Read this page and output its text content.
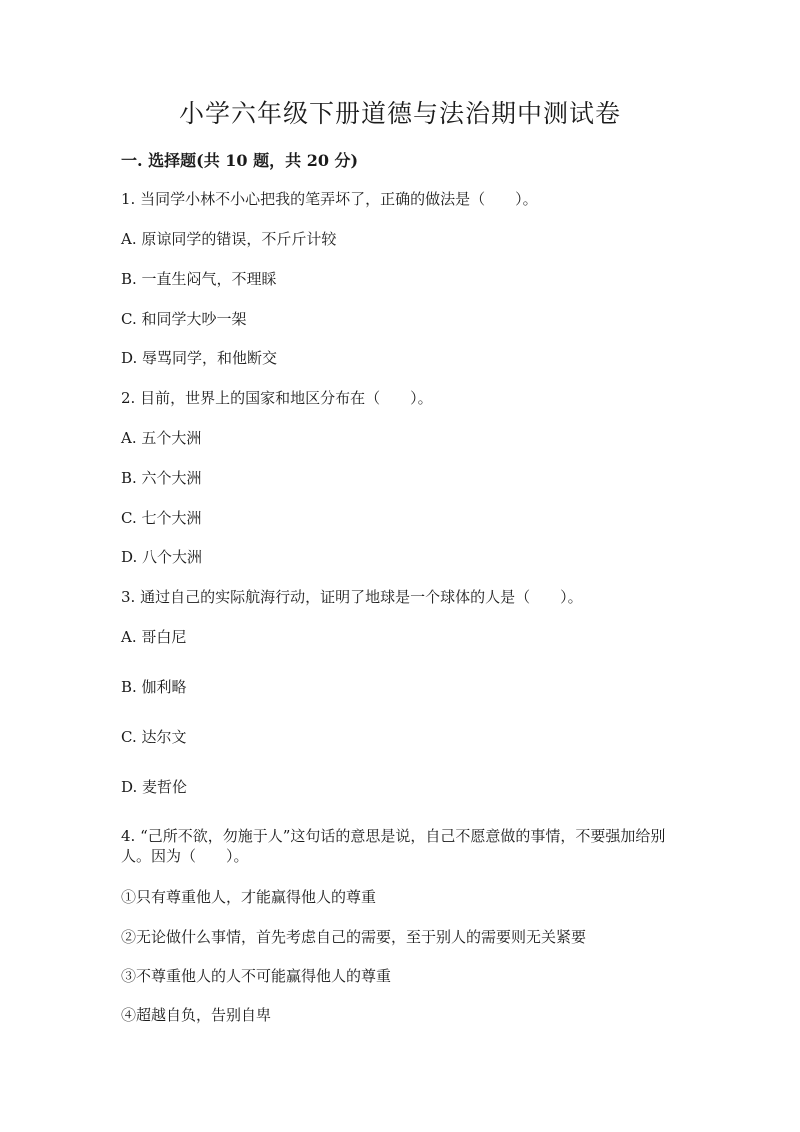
小学六年级下册道德与法治期中测试卷
一. 选择题(共 10 题，共 20 分)
1. 当同学小林不小心把我的笔弄坏了，正确的做法是（　　）。
A. 原谅同学的错误，不斤斤计较
B. 一直生闷气，不理睬
C. 和同学大吵一架
D. 辱骂同学，和他断交
2. 目前，世界上的国家和地区分布在（　　）。
A. 五个大洲
B. 六个大洲
C. 七个大洲
D. 八个大洲
3. 通过自己的实际航海行动，证明了地球是一个球体的人是（　　）。
A. 哥白尼
B. 伽利略
C. 达尔文
D. 麦哲伦
4. “己所不欲，勿施于人”这句话的意思是说，自己不愿意做的事情，不要强加给别人。因为（　　）。
①只有尊重他人，才能赢得他人的尊重
②无论做什么事情，首先考虑自己的需要，至于别人的需要则无关紧要
③不尊重他人的人不可能赢得他人的尊重
④超越自负，告别自卑
